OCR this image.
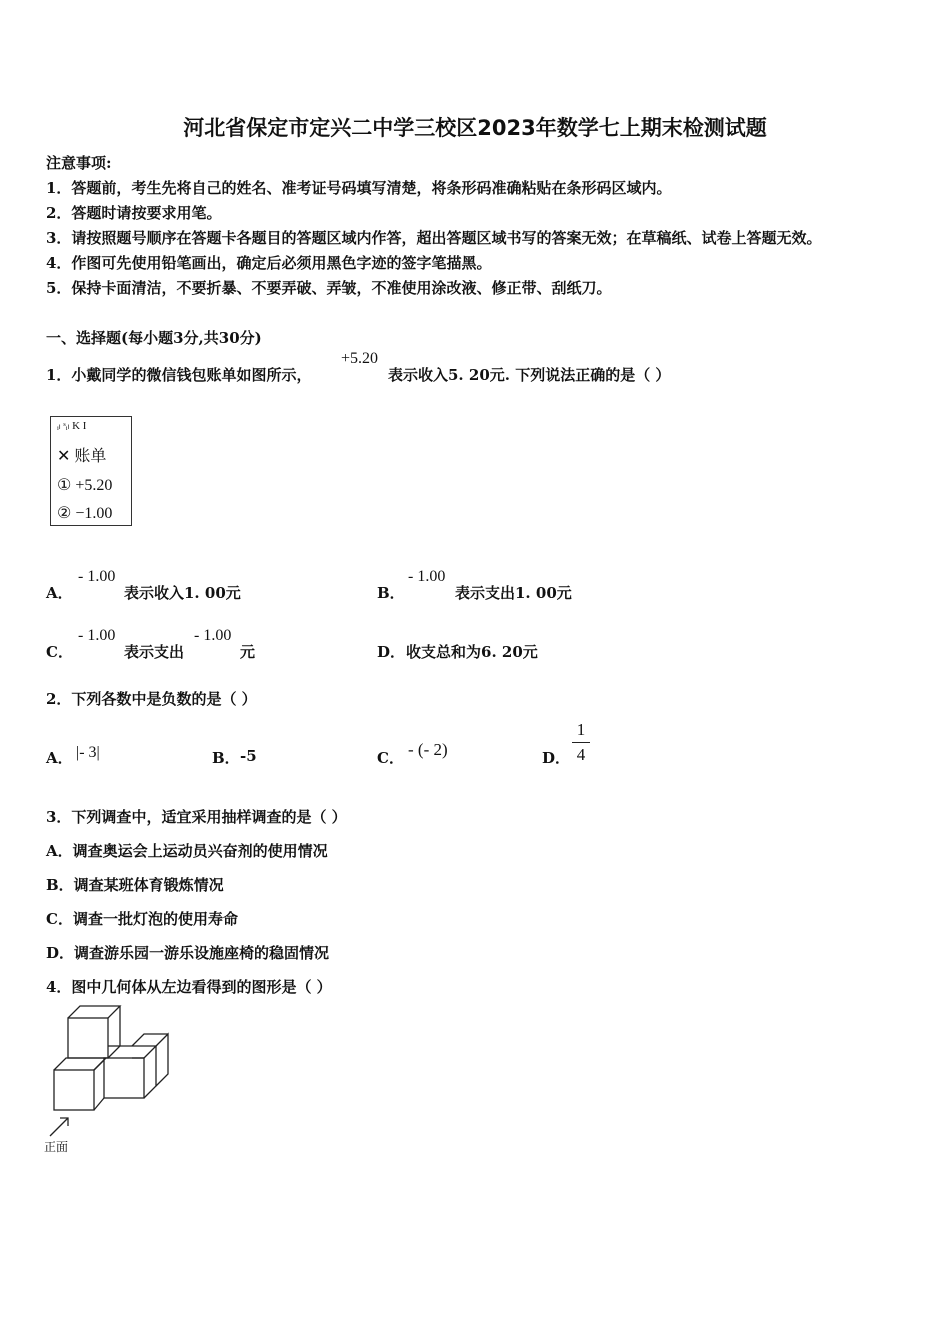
河北省保定市定兴二中学三校区2023年数学七上期末检测试题
注意事项:
1．答题前，考生先将自己的姓名、准考证号码填写清楚，将条形码准确粘贴在条形码区域内。
2．答题时请按要求用笔。
3．请按照题号顺序在答题卡各题目的答题区域内作答，超出答题区域书写的答案无效；在草稿纸、试卷上答题无效。
4．作图可先使用铅笔画出，确定后必须用黑色字迹的签字笔描黑。
5．保持卡面清洁，不要折暴、不要弄破、弄皱，不准使用涂改液、修正带、刮纸刀。
一、选择题(每小题3分,共30分)
1．小戴同学的微信钱包账单如图所示，
+5.20
表示收入5. 20元. 下列说法正确的是（ ）
ᵢₗ ˢᵢₗ K I
✕ 账单
① +5.20
② −1.00
A．
- 1.00
表示收入1. 00元	B．
- 1.00
表示支出1. 00元
C．
- 1.00
表示支出
- 1.00
元	D． 收支总和为6. 20元
2．下列各数中是负数的是（ ）
A． |- 3|	B． -5	C． - (- 2)	D．
1
4
3．下列调查中，适宜采用抽样调查的是（ ）
A．调查奥运会上运动员兴奋剂的使用情况
B．调查某班体育锻炼情况
C．调查一批灯泡的使用寿命
D．调查游乐园一游乐设施座椅的稳固情况
4．图中几何体从左边看得到的图形是（ ）
正面
